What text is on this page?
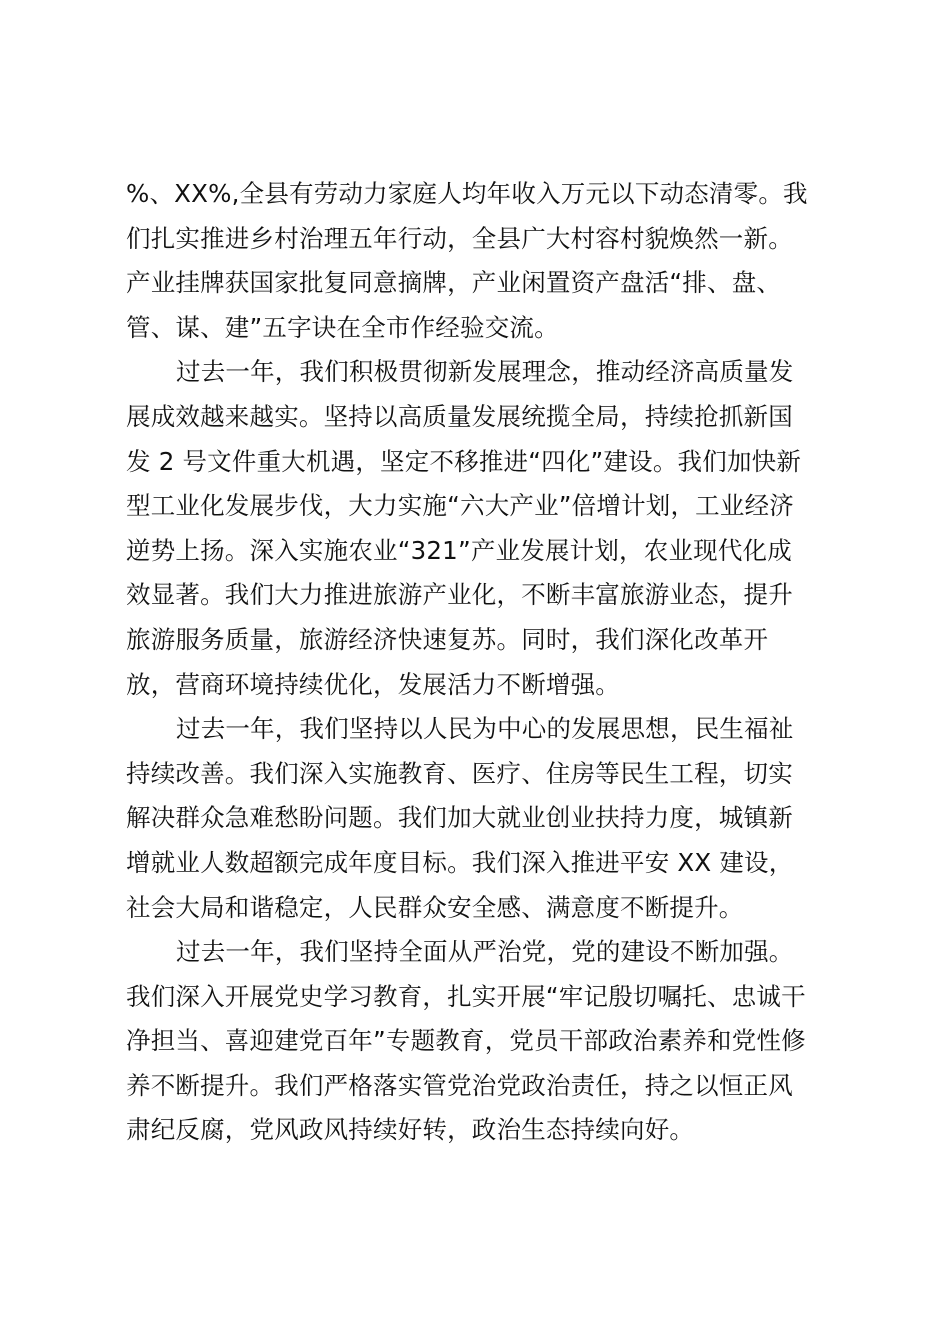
%、XX%,全县有劳动力家庭人均年收入万元以下动态清零。我
们扎实推进乡村治理五年行动，全县广大村容村貌焕然一新。
产业挂牌获国家批复同意摘牌，产业闲置资产盘活“排、盘、
管、谋、建”五字诀在全市作经验交流。
过去一年，我们积极贯彻新发展理念，推动经济高质量发
展成效越来越实。坚持以高质量发展统揽全局，持续抢抓新国
发 2 号文件重大机遇，坚定不移推进“四化”建设。我们加快新
型工业化发展步伐，大力实施“六大产业”倍增计划，工业经济
逆势上扬。深入实施农业“321”产业发展计划，农业现代化成
效显著。我们大力推进旅游产业化，不断丰富旅游业态，提升
旅游服务质量，旅游经济快速复苏。同时，我们深化改革开
放，营商环境持续优化，发展活力不断增强。
过去一年，我们坚持以人民为中心的发展思想，民生福祉
持续改善。我们深入实施教育、医疗、住房等民生工程，切实
解决群众急难愁盼问题。我们加大就业创业扶持力度，城镇新
增就业人数超额完成年度目标。我们深入推进平安 XX 建设，
社会大局和谐稳定，人民群众安全感、满意度不断提升。
过去一年，我们坚持全面从严治党，党的建设不断加强。
我们深入开展党史学习教育，扎实开展“牢记殷切嘱托、忠诚干
净担当、喜迎建党百年”专题教育，党员干部政治素养和党性修
养不断提升。我们严格落实管党治党政治责任，持之以恒正风
肃纪反腐，党风政风持续好转，政治生态持续向好。
